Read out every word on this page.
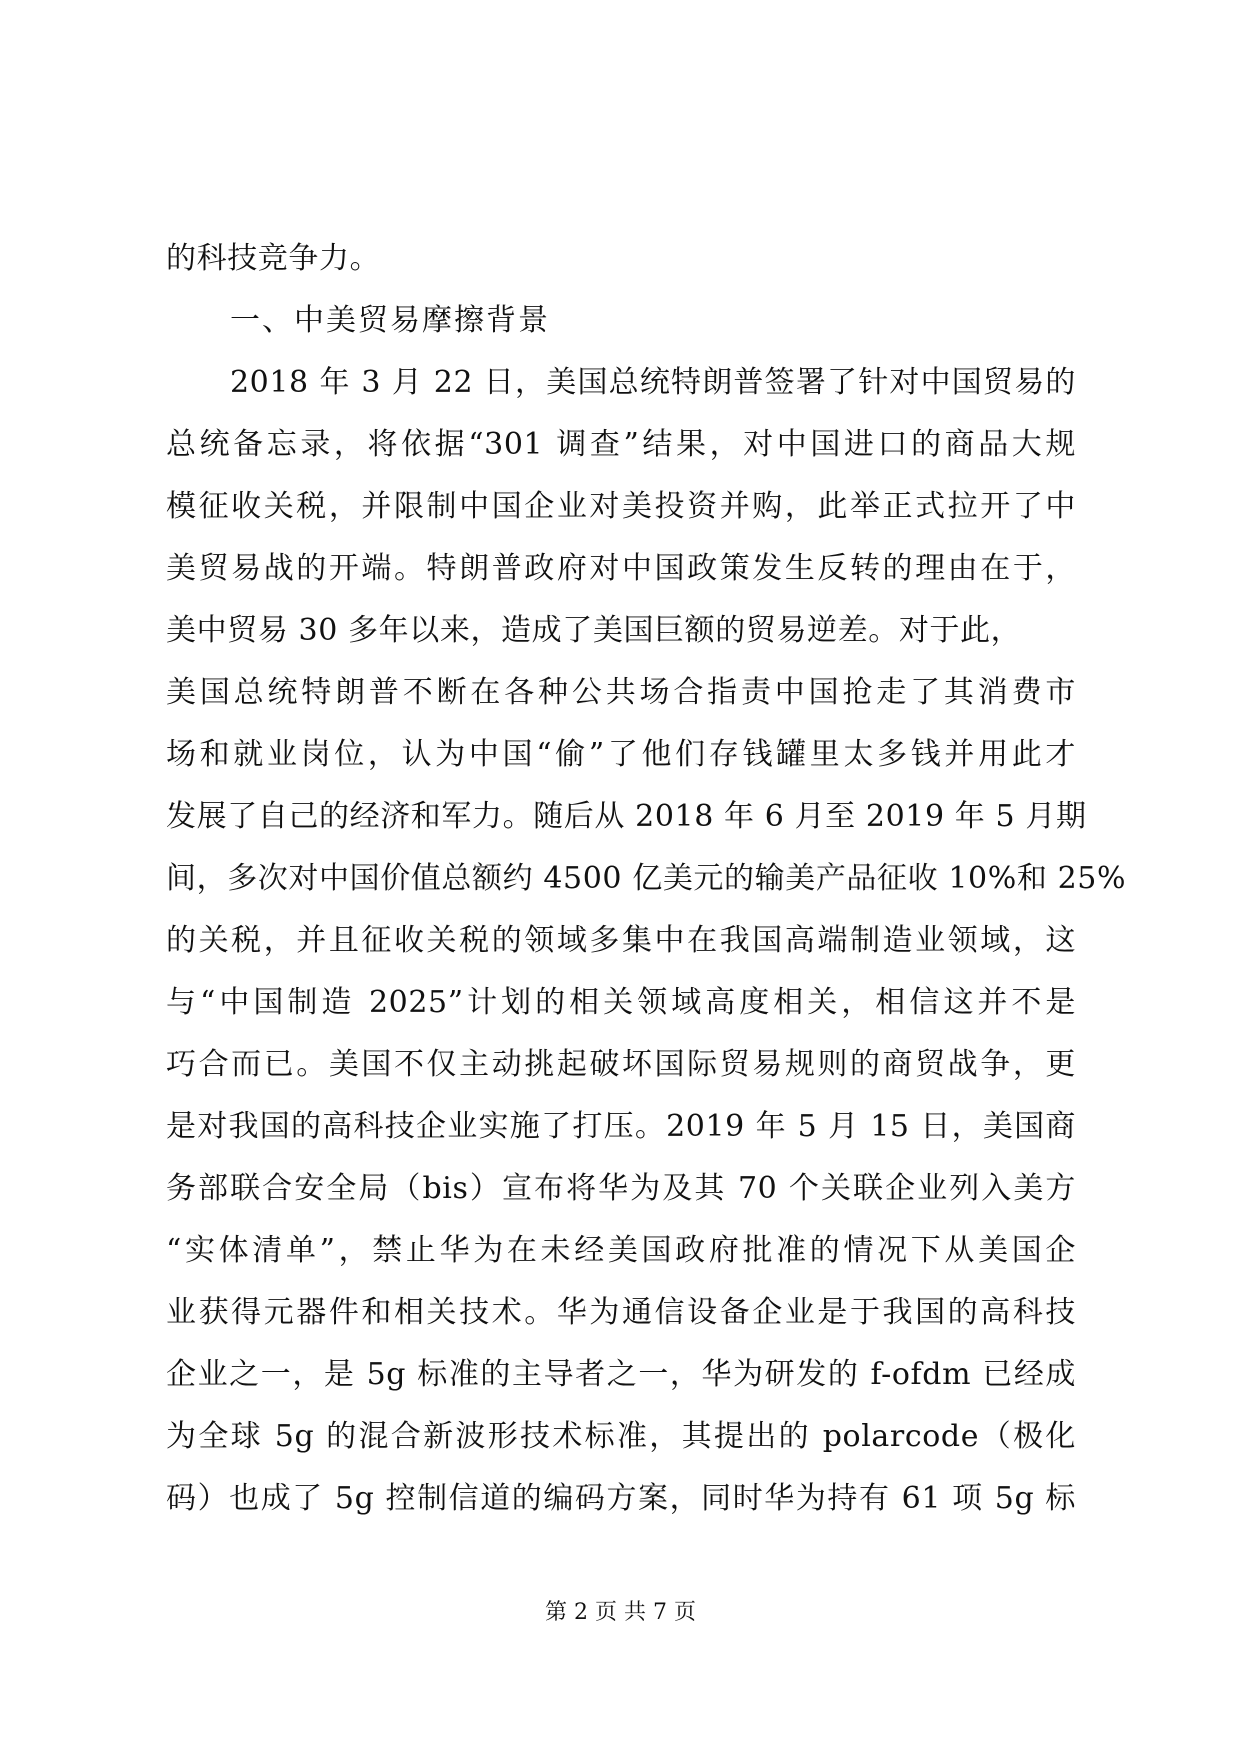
的科技竞争力。
一、中美贸易摩擦背景
2018 年 3 月 22 日，美国总统特朗普签署了针对中国贸易的
总统备忘录，将依据“301 调查”结果，对中国进口的商品大规
模征收关税，并限制中国企业对美投资并购，此举正式拉开了中
美贸易战的开端。特朗普政府对中国政策发生反转的理由在于，
美中贸易 30 多年以来，造成了美国巨额的贸易逆差。对于此，
美国总统特朗普不断在各种公共场合指责中国抢走了其消费市
场和就业岗位，认为中国“偷”了他们存钱罐里太多钱并用此才
发展了自己的经济和军力。随后从 2018 年 6 月至 2019 年 5 月期
间，多次对中国价值总额约 4500 亿美元的输美产品征收 10%和 25%
的关税，并且征收关税的领域多集中在我国高端制造业领域，这
与“中国制造 2025”计划的相关领域高度相关，相信这并不是
巧合而已。美国不仅主动挑起破坏国际贸易规则的商贸战争，更
是对我国的高科技企业实施了打压。2019 年 5 月 15 日，美国商
务部联合安全局（bis）宣布将华为及其 70 个关联企业列入美方
“实体清单”，禁止华为在未经美国政府批准的情况下从美国企
业获得元器件和相关技术。华为通信设备企业是于我国的高科技
企业之一，是 5g 标准的主导者之一，华为研发的 f-ofdm 已经成
为全球 5g 的混合新波形技术标准，其提出的 polarcode（极化
码）也成了 5g 控制信道的编码方案，同时华为持有 61 项 5g 标
第 2 页 共 7 页
